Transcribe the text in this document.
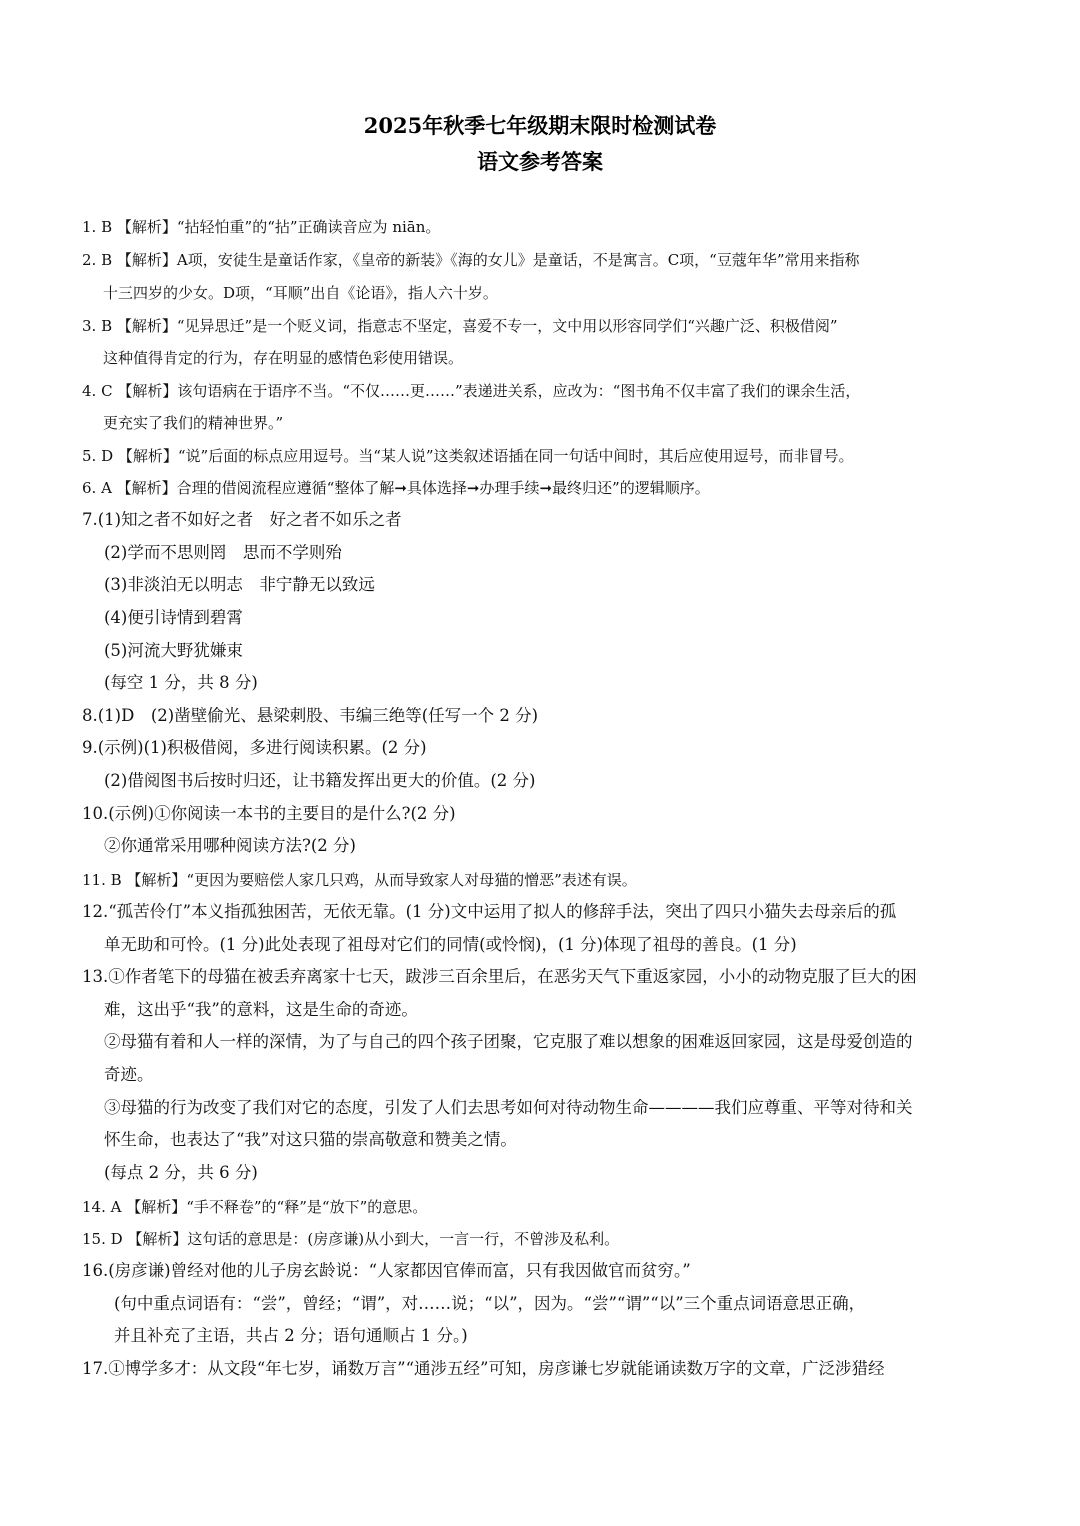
2025年秋季七年级期末限时检测试卷
语文参考答案
1. B 【解析】“拈轻怕重”的“拈”正确读音应为 niān。
2. B 【解析】A项，安徒生是童话作家，《皇帝的新装》《海的女儿》是童话，不是寓言。C项，“豆蔻年华”常用来指称
十三四岁的少女。D项，“耳顺”出自《论语》，指人六十岁。
3. B 【解析】“见异思迁”是一个贬义词，指意志不坚定，喜爱不专一，文中用以形容同学们“兴趣广泛、积极借阅”
这种值得肯定的行为，存在明显的感情色彩使用错误。
4. C 【解析】该句语病在于语序不当。“不仅……更……”表递进关系，应改为：“图书角不仅丰富了我们的课余生活，
更充实了我们的精神世界。”
5. D 【解析】“说”后面的标点应用逗号。当“某人说”这类叙述语插在同一句话中间时，其后应使用逗号，而非冒号。
6. A 【解析】合理的借阅流程应遵循“整体了解➞具体选择➞办理手续➞最终归还”的逻辑顺序。
7.(1)知之者不如好之者　好之者不如乐之者
(2)学而不思则罔　思而不学则殆
(3)非淡泊无以明志　非宁静无以致远
(4)便引诗情到碧霄
(5)河流大野犹嫌束
(每空 1 分，共 8 分)
8.(1)D　(2)凿壁偷光、悬梁刺股、韦编三绝等(任写一个 2 分)
9.(示例)(1)积极借阅，多进行阅读积累。(2 分)
(2)借阅图书后按时归还，让书籍发挥出更大的价值。(2 分)
10.(示例)①你阅读一本书的主要目的是什么?(2 分)
②你通常采用哪种阅读方法?(2 分)
11. B 【解析】“更因为要赔偿人家几只鸡，从而导致家人对母猫的憎恶”表述有误。
12.“孤苦伶仃”本义指孤独困苦，无依无靠。(1 分)文中运用了拟人的修辞手法，突出了四只小猫失去母亲后的孤
单无助和可怜。(1 分)此处表现了祖母对它们的同情(或怜悯)，(1 分)体现了祖母的善良。(1 分)
13.①作者笔下的母猫在被丢弃离家十七天，跋涉三百余里后，在恶劣天气下重返家园，小小的动物克服了巨大的困
难，这出乎“我”的意料，这是生命的奇迹。
②母猫有着和人一样的深情，为了与自己的四个孩子团聚，它克服了难以想象的困难返回家园，这是母爱创造的
奇迹。
③母猫的行为改变了我们对它的态度，引发了人们去思考如何对待动物生命————我们应尊重、平等对待和关
怀生命，也表达了“我”对这只猫的崇高敬意和赞美之情。
(每点 2 分，共 6 分)
14. A 【解析】“手不释卷”的“释”是“放下”的意思。
15. D 【解析】这句话的意思是：(房彦谦)从小到大，一言一行，不曾涉及私利。
16.(房彦谦)曾经对他的儿子房玄龄说：“人家都因官俸而富，只有我因做官而贫穷。”
(句中重点词语有：“尝”，曾经；“谓”，对……说；“以”，因为。“尝”“谓”“以”三个重点词语意思正确，
并且补充了主语，共占 2 分；语句通顺占 1 分。)
17.①博学多才：从文段“年七岁，诵数万言”“通涉五经”可知，房彦谦七岁就能诵读数万字的文章，广泛涉猎经
